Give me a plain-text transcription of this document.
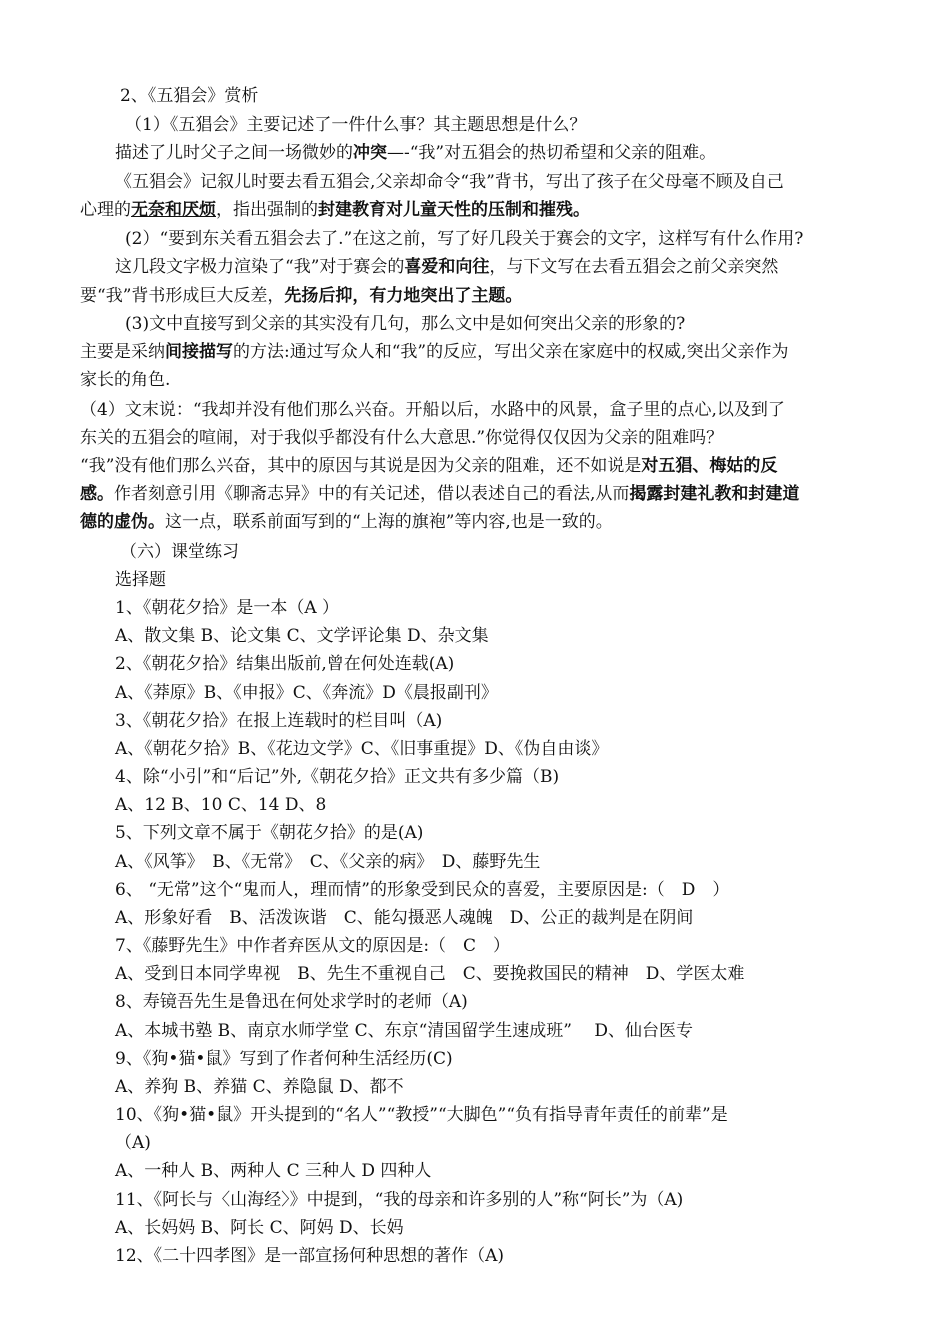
2、《五猖会》赏析
（1）《五猖会》主要记述了一件什么事？其主题思想是什么？
描述了儿时父子之间一场微妙的冲突—-“我”对五猖会的热切希望和父亲的阻难。
《五猖会》记叙儿时要去看五猖会,父亲却命令“我”背书，写出了孩子在父母毫不顾及自己
心理的无奈和厌烦，指出强制的封建教育对儿童天性的压制和摧残。
(2）“要到东关看五猖会去了.”在这之前，写了好几段关于赛会的文字，这样写有什么作用?
这几段文字极力渲染了“我”对于赛会的喜爱和向往，与下文写在去看五猖会之前父亲突然
要“我”背书形成巨大反差，先扬后抑，有力地突出了主题。
(3)文中直接写到父亲的其实没有几句，那么文中是如何突出父亲的形象的?
主要是采纳间接描写的方法:通过写众人和“我”的反应，写出父亲在家庭中的权威,突出父亲作为
家长的角色.
（4）文末说：“我却并没有他们那么兴奋。开船以后，水路中的风景，盒子里的点心,以及到了
东关的五猖会的喧闹，对于我似乎都没有什么大意思.”你觉得仅仅因为父亲的阻难吗？
“我”没有他们那么兴奋，其中的原因与其说是因为父亲的阻难，还不如说是对五猖、梅姑的反
感。作者刻意引用《聊斋志异》中的有关记述，借以表述自己的看法,从而揭露封建礼教和封建道
德的虚伪。这一点，联系前面写到的“上海的旗袍”等内容,也是一致的。
（六）课堂练习
选择题
1、《朝花夕拾》是一本（A ）
A、散文集 B、论文集 C、文学评论集 D、杂文集
2、《朝花夕拾》结集出版前,曾在何处连载(A)
A、《莽原》B、《申报》C、《奔流》D《晨报副刊》
3、《朝花夕拾》在报上连载时的栏目叫（A)
A、《朝花夕拾》B、《花边文学》C、《旧事重提》D、《伪自由谈》
4、除“小引”和“后记”外,《朝花夕拾》正文共有多少篇（B)
A、12 B、10 C、14 D、8
5、下列文章不属于《朝花夕拾》的是(A)
A、《风筝》　B、《无常》　C、《父亲的病》　D、藤野先生
6、 “无常”这个“鬼而人，理而情”的形象受到民众的喜爱，主要原因是:（　D　）
A、形象好看　B、活泼诙谐　C、能勾摄恶人魂魄　D、公正的裁判是在阴间
7、《藤野先生》中作者弃医从文的原因是:（　C　）
A、受到日本同学卑视　B、先生不重视自己　C、要挽救国民的精神　D、学医太难
8、寿镜吾先生是鲁迅在何处求学时的老师（A)
A、本城书塾 B、南京水师学堂 C、东京“清国留学生速成班”　 D、仙台医专
9、《狗•猫•鼠》写到了作者何种生活经历(C)
A、养狗 B、养猫 C、养隐鼠 D、都不
10、《狗•猫•鼠》开头提到的“名人”“教授”“大脚色”“负有指导青年责任的前辈”是
（A)
A、一种人 B、两种人 C 三种人 D 四种人
11、《阿长与〈山海经〉》中提到，“我的母亲和许多别的人”称“阿长”为（A)
A、长妈妈 B、阿长 C、阿妈 D、长妈
12、《二十四孝图》是一部宣扬何种思想的著作（A)
